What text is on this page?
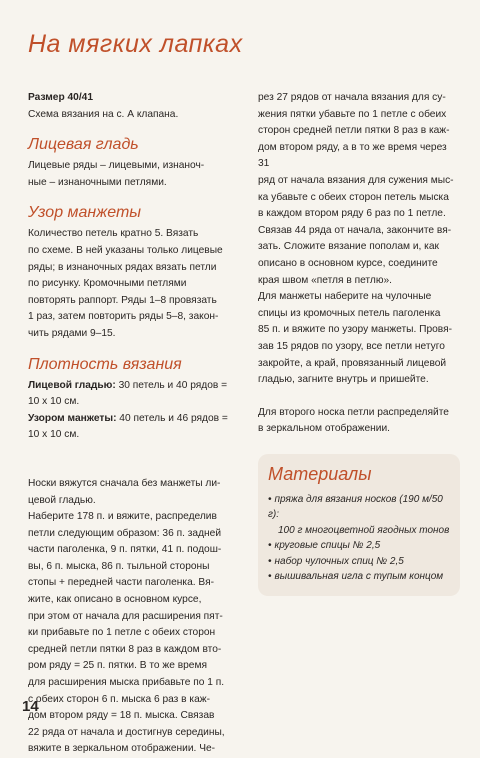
На мягких лапках

Размер 40/41

Схема вязания на с. А клапана.

Лицевая гладь

Лицевые ряды – лицевыми, изнаноч-

ные – изнаночными петлями.

Узор манжеты

Количество петель кратно 5. Вязать

по схеме. В ней указаны только лицевые

ряды; в изнаночных рядах вязать петли

по рисунку. Кромочными петлями

повторять раппорт. Ряды 1–8 провязать

1 раз, затем повторить ряды 5–8, закон-

чить рядами 9–15.

Плотность вязания

Лицевой гладью: 30 петель и 40 рядов =

10 х 10 см.

Узором манжеты: 40 петель и 46 рядов =

10 х 10 см.

Носки вяжутся сначала без манжеты ли-

цевой гладью.

Наберите 178 п. и вяжите, распределив

петли следующим образом: 36 п. задней

части паголенка, 9 п. пятки, 41 п. подош-

вы, 6 п. мыска, 86 п. тыльной стороны

стопы + передней части паголенка. Вя-

жите, как описано в основном курсе,

при этом от начала для расширения пят-

ки прибавьте по 1 петле с обеих сторон

средней петли пятки 8 раз в каждом вто-

ром ряду = 25 п. пятки. В то же время

для расширения мыска прибавьте по 1 п.

с обеих сторон 6 п. мыска 6 раз в каж-

дом втором ряду = 18 п. мыска. Связав

22 ряда от начала и достигнув середины,

вяжите в зеркальном отображении. Че-

рез 27 рядов от начала вязания для су-

жения пятки убавьте по 1 петле с обеих

сторон средней петли пятки 8 раз в каж-

дом втором ряду, а в то же время через 31

ряд от начала вязания для сужения мыс-

ка убавьте с обеих сторон петель мыска

в каждом втором ряду 6 раз по 1 петле.

Связав 44 ряда от начала, закончите вя-

зать. Сложите вязание пополам и, как

описано в основном курсе, соедините

края швом «петля в петлю».

Для манжеты наберите на чулочные

спицы из кромочных петель паголенка

85 п. и вяжите по узору манжеты. Провя-

зав 15 рядов по узору, все петли нетуго

закройте, а край, провязанный лицевой

гладью, загните внутрь и пришейте.

Для второго носка петли распределяйте

в зеркальном отображении.

Материалы
• пряжа для вязания носков (190 м/50 г):
100 г многоцветной ягодных тонов
• круговые спицы № 2,5
• набор чулочных спиц № 2,5
• вышивальная игла с тупым концом
14
